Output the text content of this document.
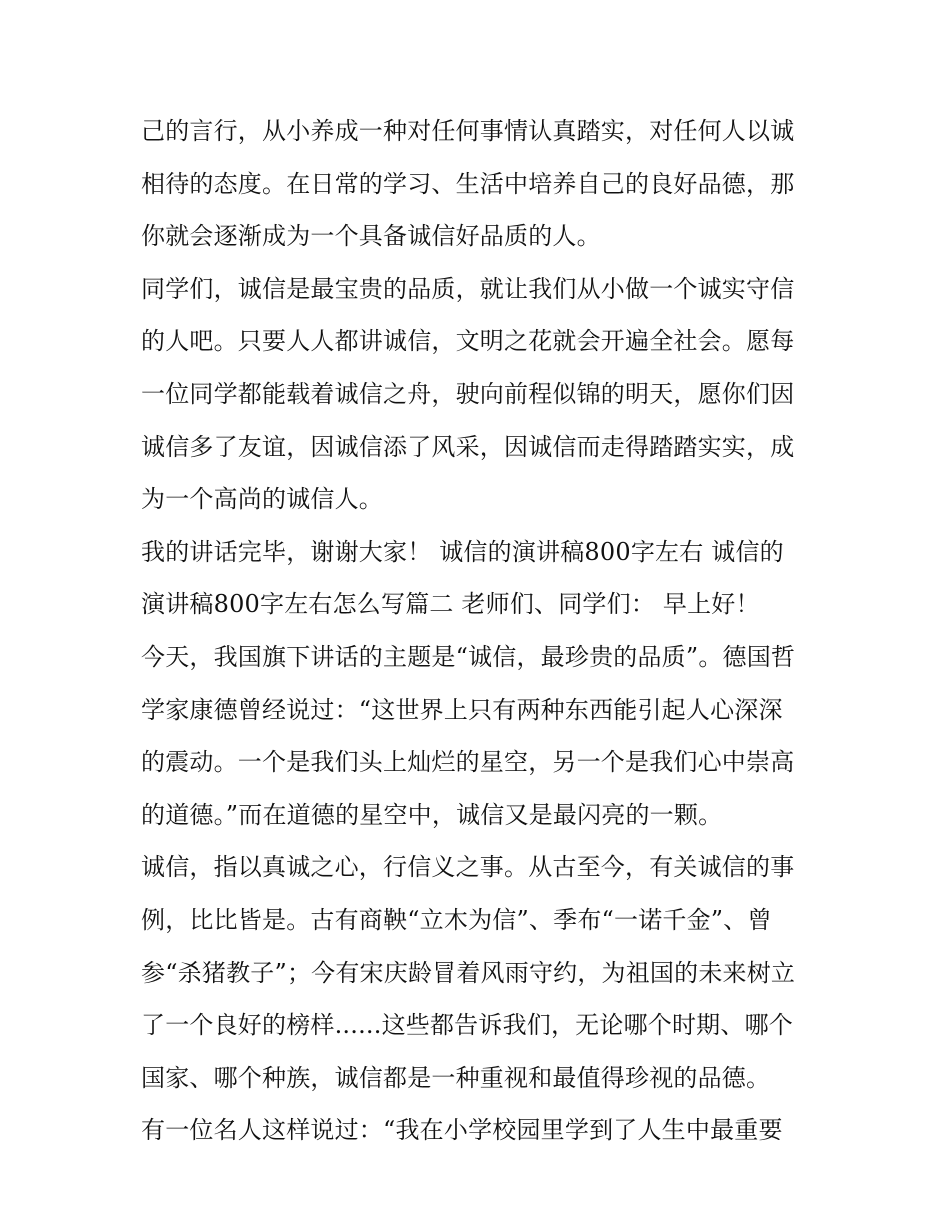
己的言行，从小养成一种对任何事情认真踏实，对任何人以诚
相待的态度。在日常的学习、生活中培养自己的良好品德，那
你就会逐渐成为一个具备诚信好品质的人。
同学们，诚信是最宝贵的品质，就让我们从小做一个诚实守信
的人吧。只要人人都讲诚信，文明之花就会开遍全社会。愿每
一位同学都能载着诚信之舟，驶向前程似锦的明天，愿你们因
诚信多了友谊，因诚信添了风采，因诚信而走得踏踏实实，成
为一个高尚的诚信人。
我的讲话完毕，谢谢大家！ 诚信的演讲稿800字左右 诚信的
演讲稿800字左右怎么写篇二 老师们、同学们： 早上好！
今天，我国旗下讲话的主题是“诚信，最珍贵的品质”。德国哲
学家康德曾经说过：“这世界上只有两种东西能引起人心深深
的震动。一个是我们头上灿烂的星空，另一个是我们心中崇高
的道德。”而在道德的星空中，诚信又是最闪亮的一颗。
诚信，指以真诚之心，行信义之事。从古至今，有关诚信的事
例，比比皆是。古有商鞅“立木为信”、季布“一诺千金”、曾
参“杀猪教子”；今有宋庆龄冒着风雨守约，为祖国的未来树立
了一个良好的榜样......这些都告诉我们，无论哪个时期、哪个
国家、哪个种族，诚信都是一种重视和最值得珍视的品德。
有一位名人这样说过：“我在小学校园里学到了人生中最重要
